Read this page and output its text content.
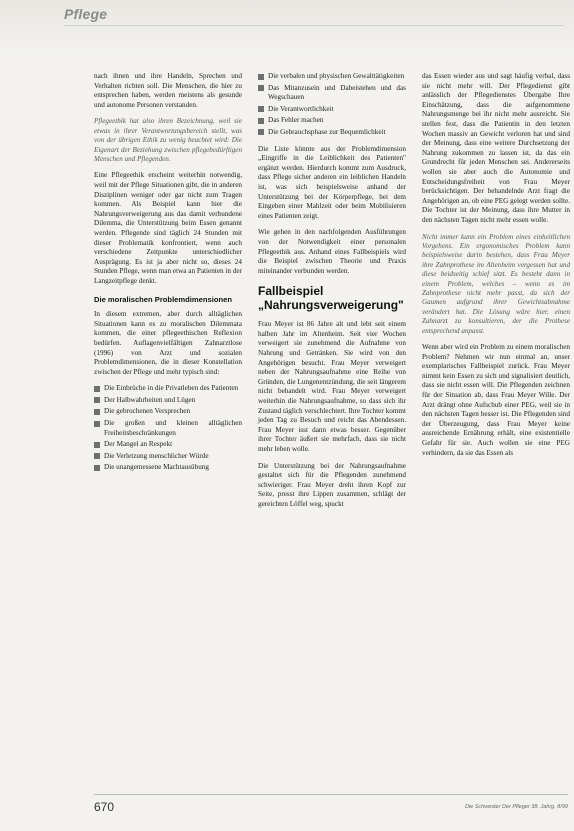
Pflege

nach ihnen und ihre Handeln, Sprechen und Verhalten richten soll. Die Menschen, die hier zu entsprechen haben, werden meistens als gesunde und autonome Personen verstanden.

Pflegeethik hat also ihren Bezeichnung, weil sie etwas in ihrer Verantwortungsbereich stellt, was von der übrigen Ethik zu wenig beachtet wird: Die Eigenart der Beziehung zwischen pflegebedürftigen Menschen und Pflegenden.

Eine Pflegeethik erscheint weiterhin notwendig, weil mit der Pflege Situationen gibt, die in anderen Disziplinen weniger oder gar nicht zum Tragen kommen. Als Beispiel kann hier die Nahrungsverweigerung aus das damit verbundene Dilemma, die Unterstützung beim Essen genannt werden. Pflegende sind täglich 24 Stunden mit dieser Problematik konfrontiert, wenn auch verschiedene Zeitpunkte unterschiedlicher Ausprägung. Es ist ja aber nicht so, dieses 24 Stunden Pflege, wenn man etwa an Patienten in der Langzeitpflege denkt.

Die moralischen Problemdimensionen

In diesem extremen, aber durch alltäglichen Situationen kann es zu moralischen Dilemmata kommen, die einer pflegeethischen Reflexion bedürfen. Auflagenvielfältigen Zahnarztlose (1996) von Arzt und sozialen Problemdimensionen, die in dieser Konstellation zwischen der Pflege und mehr typisch sind:

Die Einbrüche in die Privatleben des Patienten
Der Halbwahrheiten und Lügen
Die gebrochenen Versprechen
Die großen und kleinen alltäglichen Freiheitsbeschränkungen
Der Mangel an Respekt
Die Verletzung menschlicher Würde
Die unangemessene Machtausübung
Die verbalen und physischen Gewalttätigkeiten
Das Mitanzusein und Dabeistehen und das Wegschauen
Die Verantwortlichkeit
Das Fehler machen
Die Gebrauchsphase zur Bequemlichkeit

Die Liste könnte aus der Problemdimension „Eingriffe in die Leiblichkeit des Patienten" ergänzt werden. Hierdurch kommt zum Ausdruck, dass Pflege sicher anderen ein leiblichen Handeln ist, was sich beispielsweise anhand der Unterstützung bei der Körperpflege, bei dem Eingeben einer Mahlzeit oder beim Mobilisieren eines Patienten zeigt.

Wie gehen in den nachfolgenden Ausführungen von der Notwendigkeit einer personalen Pflegeethik aus. Anhand eines Fallbeispiels wird die Beispiel zwischen Theorie und Praxis miteinander verbunden werden.

Fallbeispiel „Nahrungsverweigerung"

Frau Meyer ist 86 Jahre alt und lebt seit einem halben Jahr im Altenheim. Seit vier Wochen verweigert sie zunehmend die Aufnahme von Nahrung und Getränken. Sie wird von den Angehörigen besucht. Frau Meyer verweigert neben der Nahrungsaufnahme eine Reihe von Gründen, die Lungenentzündung, die seit längerem nicht behandelt wird. Frau Meyer verweigert weiterhin die Nahrungsaufnahme, so dass sich ihr Zustand täglich verschlechtert. Ihre Tochter kommt jeden Tag zu Besuch und reicht das Abendessen. Frau Meyer isst dann etwas besser. Gegenüber ihrer Tochter äußert sie mehrfach, dass sie nicht mehr leben wolle.

Die Unterstützung bei der Nahrungsaufnahme gestaltet sich für die Pflegenden zunehmend schwieriger. Frau Meyer dreht ihren Kopf zur Seite, presst ihre Lippen zusammen, schlägt der gereichten Löffel weg, spuckt

das Essen wieder aus und sagt häufig verbal, dass sie nicht mehr will. Der Pflegedienst gibt anlässlich der Pflegedienstes Übergabe Ihre Einschätzung, dass die aufgenommene Nahrungsmenge bei ihr nicht mehr ausreicht. Sie stellen fest, dass die Patientin in den letzten Wochen massiv an Gewicht verloren hat und sind der Meinung, dass eine weitere Durchsetzung der Nahrung zukommen zu lassen ist, da das ein Grundrecht für jeden Menschen sei. Andererseits wollen sie aber auch die Autonomie und Entscheidungsfreiheit von Frau Meyer berücksichtigen. Der behandelnde Arzt fragt die Angehörigen an, ob eine PEG gelegt werden sollte. Die Tochter ist der Meinung, dass ihre Mutter in den nächsten Tagen nicht mehr essen wolle.

Nicht immer kann ein Problem eines einheitlichen Vorgehens. Ein ergonomisches Problem kann beispielsweise darin bestehen, dass Frau Meyer ihre Zahnprothese im Altenheim vergessen hat und diese beidseitig schief sitzt. Es besteht dann in einem Problem, welches – wenn es im Zahnprothese nicht mehr passt, da sich der Gaumen aufgrund ihrer Gewichtsabnahme verändert hat. Die Lösung wäre hier, einen Zahnarzt zu konsultieren, der die Prothese entsprechend anpasst.

Wenn aber wird ein Problem zu einem moralischen Problem? Nehmen wir nun einmal an, unser exemplarisches Fallbeispiel zurück. Frau Meyer nimmt kein Essen zu sich und signalisiert deutlich, dass sie nicht essen will. Die Pflegenden zeichnen für der Situation ab, dass Frau Meyer Wille. Der Arzt drängt ohne Aufschub einer PEG, weil sie in den nächsten Tagen besser ist. Die Pflegenden sind der Überzeugung, dass Frau Meyer keine ausreichende Ernährung erhält, eine existentielle Gefahr für sie. Auch wollen sie eine PEG verhindern, da sie das Essen als

670	Die Schwester Der Pfleger 38. Jahrg. 8/99
